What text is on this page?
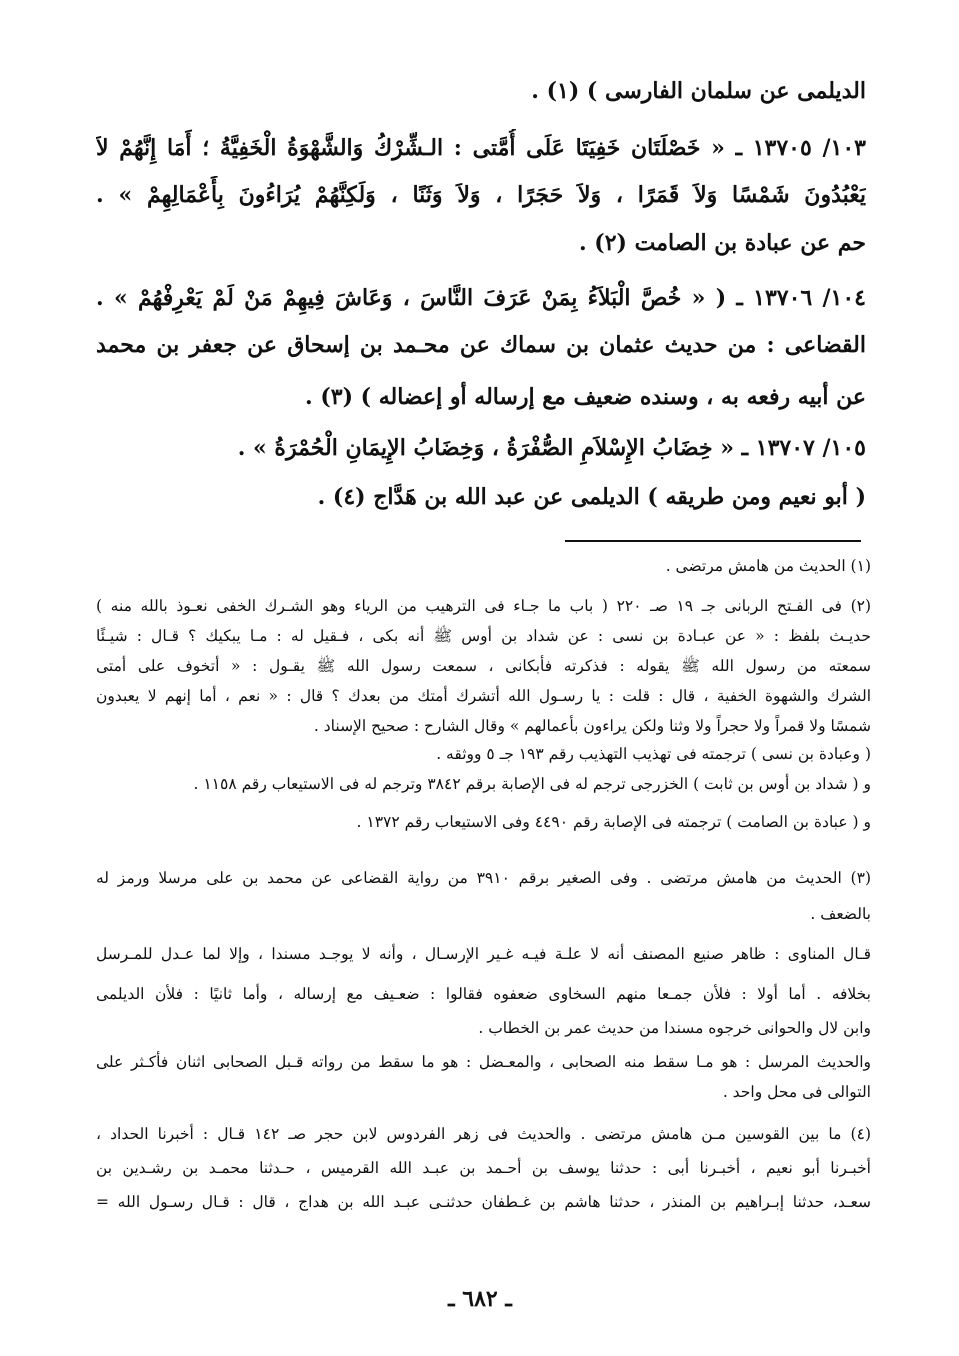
الديلمى عن سلمان الفارسى ) (١) .
١٠٣/ ١٣٧٠٥ ـ « خَصْلَتَان خَفِيَتَا عَلَى أُمَّتى : الـشِّرْكُ وَالشَّهْوَةُ الْخَفِيَّةُ ؛ أَمَا إِنَّهُمْ لاَ
يَعْبُدُونَ شَمْسًا وَلاَ قَمَرًا ، وَلاَ حَجَرًا ، وَلاَ وَثَنًا ، وَلَكِنَّهُمْ يُرَاءُونَ بِأَعْمَالِهِمْ » .
حم عن عبادة بن الصامت (٢) .
١٠٤/ ١٣٧٠٦ ـ ( « خُصَّ الْبَلاَءُ بِمَنْ عَرَفَ النَّاسَ ، وَعَاشَ فِيهِمْ مَنْ لَمْ يَعْرِفْهُمْ » .
القضاعى : من حديث عثمان بن سماك عن محـمد بن إسحاق عن جعفر بن محمد
عن أبيه رفعه به ، وسنده ضعيف مع إرساله أو إعضاله ) (٣) .
١٠٥/ ١٣٧٠٧ ـ « خِضَابُ الإِسْلاَمِ الصُّفْرَةُ ، وَخِضَابُ الإِيمَانِ الْحُمْرَةُ » .
( أبو نعيم ومن طريقه ) الديلمى عن عبد الله بن هَدَّاج (٤) .
(١) الحديث من هامش مرتضى .
(٢) فى الفـتح الربانى جـ ١٩ صـ ٢٢٠ ( باب ما جـاء فى الترهيب من الرياء وهو الشـرك الخفى نعـوذ بالله منه )
حديـث بلفظ : « عن عبـادة بن نسى : عن شداد بن أوس ﷺ أنه بكى ، فـقيل له : مـا يبكيك ؟ قـال : شيـئًا
سمعته من رسول الله ﷺ يقوله : فذكرته فأبكانى ، سمعت رسول الله ﷺ يقـول : « أتخوف على أمتى
الشرك والشهوة الخفية ، قال : قلت : يا رسـول الله أتشرك أمتك من بعدك ؟ قال : « نعم ، أما إنهم لا يعبدون
شمسًا ولا قمراً ولا حجراً ولا وثنا ولكن يراءون بأعمالهم » وقال الشارح : صحيح الإسناد .
( وعبادة بن نسى ) ترجمته فى تهذيب التهذيب رقم ١٩٣ جـ ٥ ووثقه .
و ( شداد بن أوس بن ثابت ) الخزرجى ترجم له فى الإصابة برقم ٣٨٤٢ وترجم له فى الاستيعاب رقم ١١٥٨ .
و ( عبادة بن الصامت ) ترجمته فى الإصابة رقم ٤٤٩٠ وفى الاستيعاب رقم ١٣٧٢ .
(٣) الحديث من هامش مرتضى . وفى الصغير برقم ٣٩١٠ من رواية القضاعى عن محمد بن على مرسلا ورمز له
بالضعف .
قـال المناوى : ظاهر صنيع المصنف أنه لا علـة فيـه غـير الإرسـال ، وأنه لا يوجـد مسندا ، وإلا لما عـدل للمـرسل
بخلافه . أما أولا : فلأن جمـعا منهم السخاوى ضعفوه فقالوا : ضعـيف مع إرساله ، وأما ثانيًا : فلأن الديلمى
وابن لال والحوانى خرجوه مسندا من حديث عمر بن الخطاب .
والحديث المرسل : هو مـا سقط منه الصحابى ، والمعـضل : هو ما سقط من رواته قـبل الصحابى اثنان فأكـثر على
التوالى فى محل واحد .
(٤) ما بين القوسين مـن هامش مرتضى . والحديث فى زهر الفردوس لابن حجر صـ ١٤٢ قـال : أخبرنا الحداد ،
أخبـرنا أبو نعيم ، أخبـرنا أبى : حدثنا يوسف بن أحـمد بن عبـد الله القرميس ، حـدثنا محمـد بن رشـدين بن
سعـد، حدثنا إبـراهيم بن المنذر ، حدثنا هاشم بن غـطفان حدثنـى عبـد الله بن هداج ، قال : قـال رسـول الله =
ـ ٦٨٢ ـ
